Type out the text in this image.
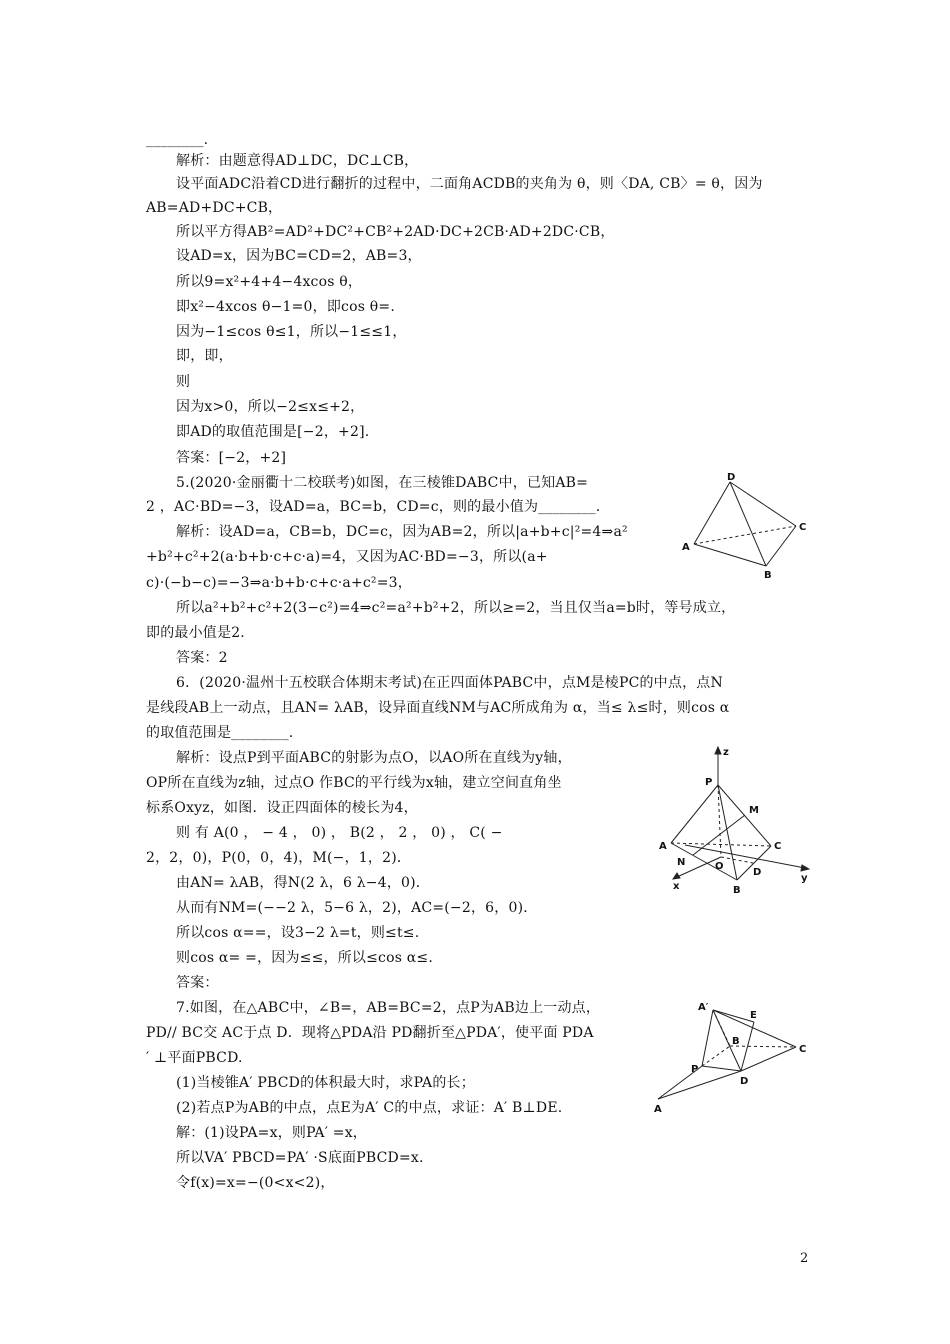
________.
解析：由题意得AD⊥DC，DC⊥CB，
设平面ADC沿着CD进行翻折的过程中，二面角ACDB的夹角为 θ，则〈DA, CB〉= θ，因为
AB=AD+DC+CB，
所以平方得AB²=AD²+DC²+CB²+2AD·DC+2CB·AD+2DC·CB，
设AD=x，因为BC=CD=2，AB=3，
所以9=x²+4+4−4xcos θ，
即x²−4xcos θ−1=0，即cos θ=.
因为−1≤cos θ≤1，所以−1≤≤1，
即，即，
则
因为x>0，所以−2≤x≤+2，
即AD的取值范围是[−2，+2].
答案：[−2，+2]
5.(2020·金丽衢十二校联考)如图，在三棱锥DABC中，已知AB=
2 ，AC·BD=−3，设AD=a，BC=b，CD=c，则的最小值为________.
解析：设AD=a，CB=b，DC=c，因为AB=2，所以|a+b+c|²=4⇒a²
+b²+c²+2(a·b+b·c+c·a)=4，又因为AC·BD=−3，所以(a+
c)·(−b−c)=−3⇒a·b+b·c+c·a+c²=3，
所以a²+b²+c²+2(3−c²)=4⇒c²=a²+b²+2，所以≥=2，当且仅当a=b时，等号成立，
即的最小值是2.
答案：2
6．(2020·温州十五校联合体期末考试)在正四面体PABC中，点M是棱PC的中点，点N
是线段AB上一动点，且AN= λAB，设异面直线NM与AC所成角为 α，当≤ λ≤时，则cos α
的取值范围是________.
解析：设点P到平面ABC的射影为点O，以AO所在直线为y轴，
OP所在直线为z轴，过点O 作BC的平行线为x轴，建立空间直角坐
标系Oxyz，如图．设正四面体的棱长为4，
则 有 A(0 ， − 4 ， 0) ， B(2 ， 2 ， 0) ， C( −
2，2，0)，P(0，0，4)，M(−，1，2)．
由AN= λAB，得N(2 λ，6 λ−4，0)．
从而有NM=(−−2 λ，5−6 λ，2)，AC=(−2，6，0)．
所以cos α==，设3−2 λ=t，则≤t≤.
则cos α= =，因为≤≤，所以≤cos α≤.
答案：
7.如图，在△ABC中，∠B=，AB=BC=2，点P为AB边上一动点，
PD// BC交 AC于点 D．现将△PDA沿 PD翻折至△PDA′，使平面 PDA
′ ⊥平面PBCD.
(1)当棱锥A′ PBCD的体积最大时，求PA的长；
(2)若点P为AB的中点，点E为A′ C的中点，求证：A′ B⊥DE.
解：(1)设PA=x，则PA′ =x，
所以VA′ PBCD=PA′ ·S底面PBCD=x.
令f(x)=x=−(0<x<2)，
D
C
A
B
z
P
M
A
N	O
C
D
B
x
y
A′
E
B
C
P
D
A
2
